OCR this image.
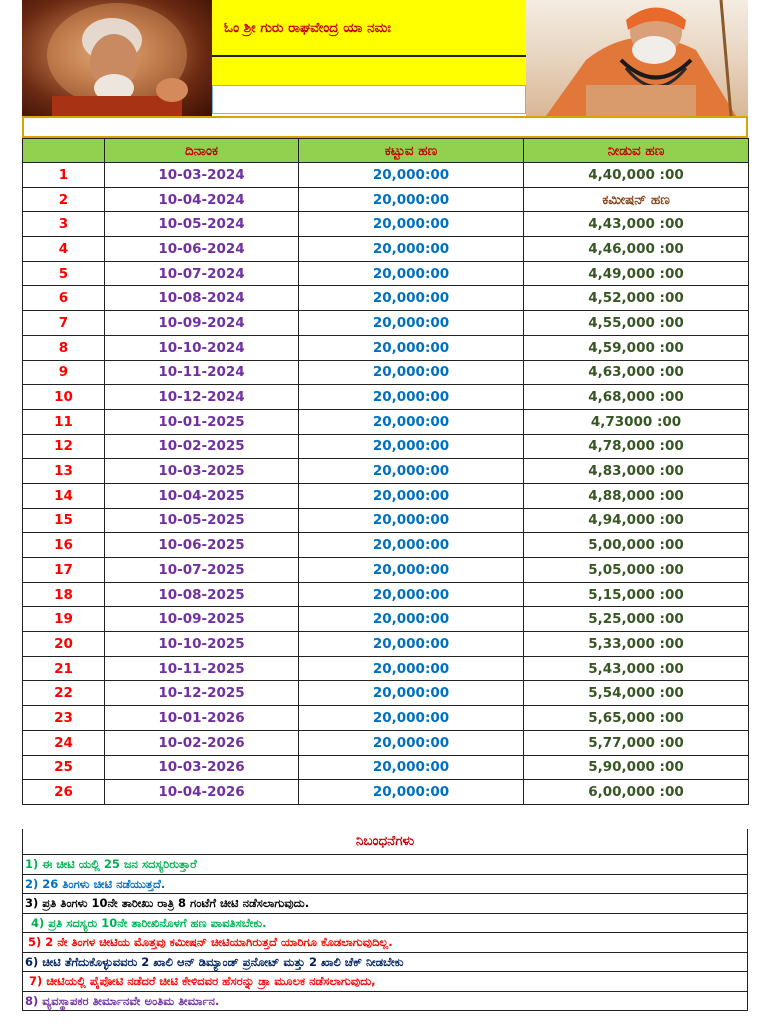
ಓಂ ಶ್ರೀ ಗುರು ರಾಘವೇಂದ್ರ ಯಾ ನಮಃ
	ದಿನಾಂಕ	ಕಟ್ಟುವ ಹಣ	ನೀಡುವ ಹಣ
1	10-03-2024	20,000:00	4,40,000 :00
2	10-04-2024	20,000:00	ಕಮೀಷನ್ ಹಣ
3	10-05-2024	20,000:00	4,43,000 :00
4	10-06-2024	20,000:00	4,46,000 :00
5	10-07-2024	20,000:00	4,49,000 :00
6	10-08-2024	20,000:00	4,52,000 :00
7	10-09-2024	20,000:00	4,55,000 :00
8	10-10-2024	20,000:00	4,59,000 :00
9	10-11-2024	20,000:00	4,63,000 :00
10	10-12-2024	20,000:00	4,68,000 :00
11	10-01-2025	20,000:00	4,73000 :00
12	10-02-2025	20,000:00	4,78,000 :00
13	10-03-2025	20,000:00	4,83,000 :00
14	10-04-2025	20,000:00	4,88,000 :00
15	10-05-2025	20,000:00	4,94,000 :00
16	10-06-2025	20,000:00	5,00,000 :00
17	10-07-2025	20,000:00	5,05,000 :00
18	10-08-2025	20,000:00	5,15,000 :00
19	10-09-2025	20,000:00	5,25,000 :00
20	10-10-2025	20,000:00	5,33,000 :00
21	10-11-2025	20,000:00	5,43,000 :00
22	10-12-2025	20,000:00	5,54,000 :00
23	10-01-2026	20,000:00	5,65,000 :00
24	10-02-2026	20,000:00	5,77,000 :00
25	10-03-2026	20,000:00	5,90,000 :00
26	10-04-2026	20,000:00	6,00,000 :00
ನಿಬಂಧನೆಗಳು
1) ಈ ಚೀಟಿ ಯಲ್ಲಿ 25 ಜನ ಸದಸ್ಯರಿರುತ್ತಾರೆ
2) 26 ತಿಂಗಳು ಚೀಟಿ ನಡೆಯುತ್ತದೆ.
3) ಪ್ರತಿ ತಿಂಗಳು 10ನೇ ತಾರೀಖು ರಾತ್ರಿ 8 ಗಂಟೆಗೆ ಚೀಟಿ ನಡೆಸಲಾಗುವುದು.
4) ಪ್ರತಿ ಸದಸ್ಯರು 10ನೇ ತಾರೀಖಿನೊಳಗೆ ಹಣ ಪಾವತಿಸಬೇಕು.
5) 2 ನೇ ತಿಂಗಳ ಚೀಟಿಯ ಮೊತ್ತವು ಕಮೀಷನ್ ಚೀಟಿಯಾಗಿರುತ್ತದೆ ಯಾರಿಗೂ ಕೊಡಲಾಗುವುದಿಲ್ಲ.
6) ಚೀಟಿ ತೆಗೆದುಕೊಳ್ಳುವವರು 2 ಖಾಲಿ ಆನ್ ಡಿಮ್ಯಾಂಡ್ ಪ್ರನೋಟ್ ಮತ್ತು 2 ಖಾಲಿ ಚೆಕ್ ನೀಡಬೇಕು
7) ಚೀಟಿಯಲ್ಲಿ ಪೈಪೋಟಿ ನಡೆದರೆ ಚೀಟಿ ಕೇಳಿದವರ ಹೆಸರನ್ನು ಡ್ರಾ ಮೂಲಕ ನಡೆಸಲಾಗುವುದು,
8) ವ್ಯವಸ್ಥಾಪಕರ ತೀರ್ಮಾನವೇ ಅಂತಿಮ ತೀರ್ಮಾನ.
